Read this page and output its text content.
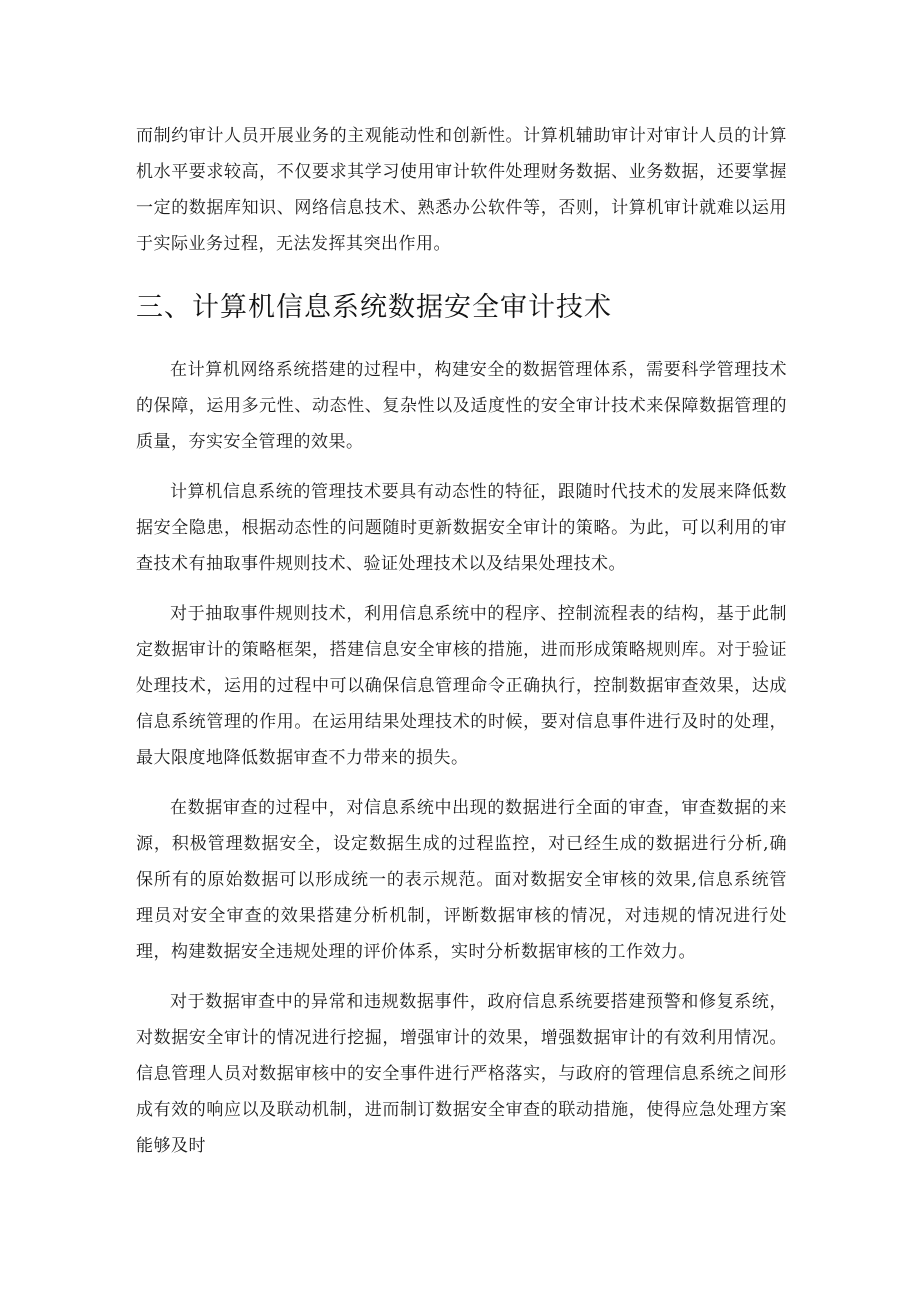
而制约审计人员开展业务的主观能动性和创新性。计算机辅助审计对审计人员的计算机水平要求较高，不仅要求其学习使用审计软件处理财务数据、业务数据，还要掌握一定的数据库知识、网络信息技术、熟悉办公软件等，否则，计算机审计就难以运用于实际业务过程，无法发挥其突出作用。

三、计算机信息系统数据安全审计技术

在计算机网络系统搭建的过程中，构建安全的数据管理体系，需要科学管理技术的保障，运用多元性、动态性、复杂性以及适度性的安全审计技术来保障数据管理的质量，夯实安全管理的效果。

计算机信息系统的管理技术要具有动态性的特征，跟随时代技术的发展来降低数据安全隐患，根据动态性的问题随时更新数据安全审计的策略。为此，可以利用的审查技术有抽取事件规则技术、验证处理技术以及结果处理技术。

对于抽取事件规则技术，利用信息系统中的程序、控制流程表的结构，基于此制定数据审计的策略框架，搭建信息安全审核的措施，进而形成策略规则库。对于验证处理技术，运用的过程中可以确保信息管理命令正确执行，控制数据审查效果，达成信息系统管理的作用。在运用结果处理技术的时候，要对信息事件进行及时的处理，最大限度地降低数据审查不力带来的损失。

在数据审查的过程中，对信息系统中出现的数据进行全面的审查，审查数据的来源，积极管理数据安全，设定数据生成的过程监控，对已经生成的数据进行分析,确保所有的原始数据可以形成统一的表示规范。面对数据安全审核的效果,信息系统管理员对安全审查的效果搭建分析机制，评断数据审核的情况，对违规的情况进行处理，构建数据安全违规处理的评价体系，实时分析数据审核的工作效力。

对于数据审查中的异常和违规数据事件，政府信息系统要搭建预警和修复系统，对数据安全审计的情况进行挖掘，增强审计的效果，增强数据审计的有效利用情况。信息管理人员对数据审核中的安全事件进行严格落实，与政府的管理信息系统之间形成有效的响应以及联动机制，进而制订数据安全审查的联动措施，使得应急处理方案能够及时
